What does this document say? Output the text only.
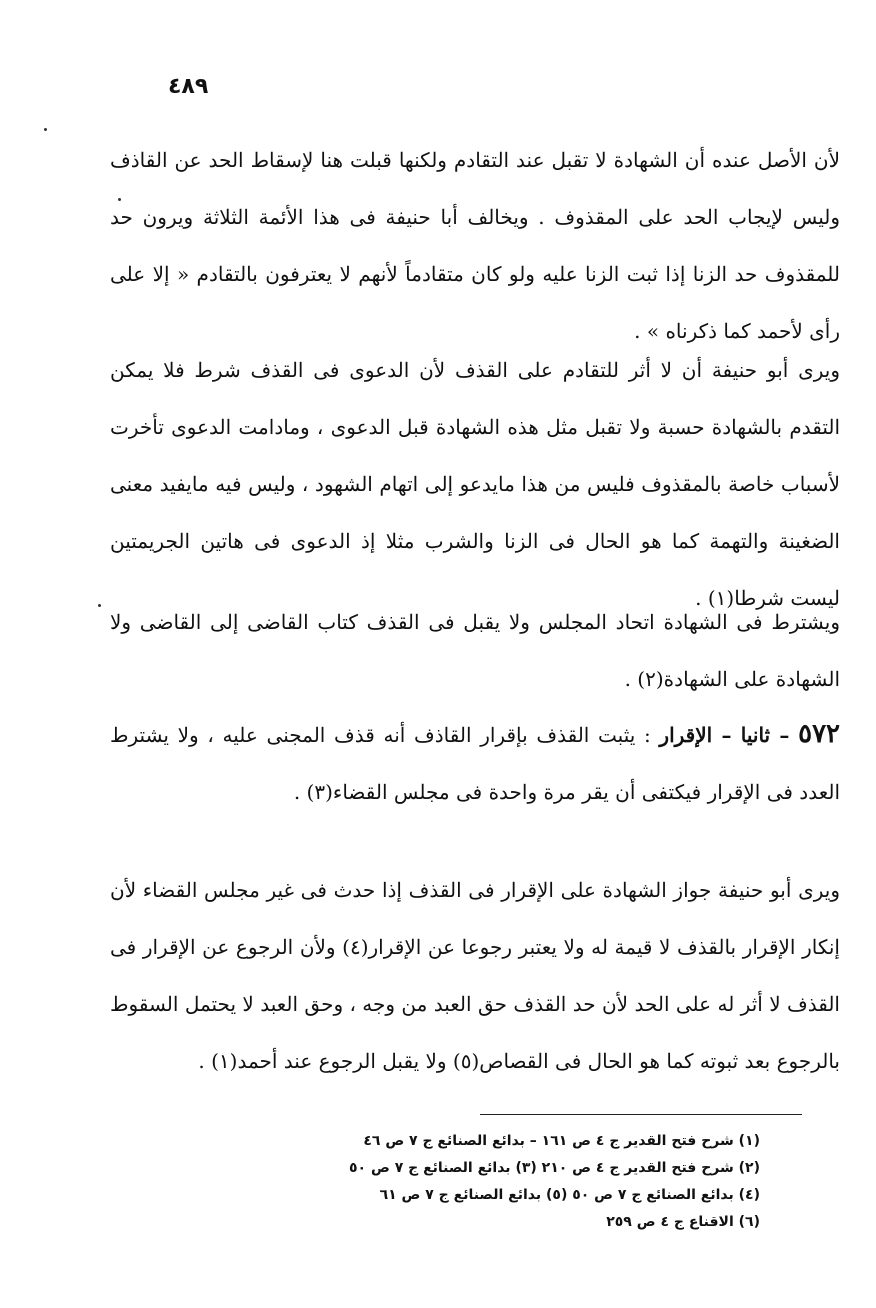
٤٨٩

لأن الأصل عنده أن الشهادة لا تقبل عند التقادم ولكنها قبلت هنا لإسقاط الحد عن القاذف وليس لإيجاب الحد على المقذوف . ويخالف أبا حنيفة فى هذا الأئمة الثلاثة ويرون حد للمقذوف حد الزنا إذا ثبت الزنا عليه ولو كان متقادماً لأنهم لا يعترفون بالتقادم « إلا على رأى لأحمد كما ذكرناه » .

ويرى أبو حنيفة أن لا أثر للتقادم على القذف لأن الدعوى فى القذف شرط فلا يمكن التقدم بالشهادة حسبة ولا تقبل مثل هذه الشهادة قبل الدعوى ، ومادامت الدعوى تأخرت لأسباب خاصة بالمقذوف فليس من هذا مايدعو إلى اتهام الشهود ، وليس فيه مايفيد معنى الضغينة والتهمة كما هو الحال فى الزنا والشرب مثلا إذ الدعوى فى هاتين الجريمتين ليست شرطا(١) .

ويشترط فى الشهادة اتحاد المجلس ولا يقبل فى القذف كتاب القاضى إلى القاضى ولا الشهادة على الشهادة(٢) .

٥٧٢ – ثانيا – الإقرار : يثبت القذف بإقرار القاذف أنه قذف المجنى عليه ، ولا يشترط العدد فى الإقرار فيكتفى أن يقر مرة واحدة فى مجلس القضاء(٣) .

ويرى أبو حنيفة جواز الشهادة على الإقرار فى القذف إذا حدث فى غير مجلس القضاء لأن إنكار الإقرار بالقذف لا قيمة له ولا يعتبر رجوعا عن الإقرار(٤) ولأن الرجوع عن الإقرار فى القذف لا أثر له على الحد لأن حد القذف حق العبد من وجه ، وحق العبد لا يحتمل السقوط بالرجوع بعد ثبوته كما هو الحال فى القصاص(٥) ولا يقبل الرجوع عند أحمد(١) .

(١) شرح فتح القدير ج ٤ ص ١٦١ – بدائع الصنائع ج ٧ ص ٤٦
(٢) شرح فتح القدير ج ٤ ص ٢١٠ (٣) بدائع الصنائع ج ٧ ص ٥٠
(٤) بدائع الصنائع ج ٧ ص ٥٠ (٥) بدائع الصنائع ج ٧ ص ٦١
(٦) الاقناع ج ٤ ص ٢٥٩
